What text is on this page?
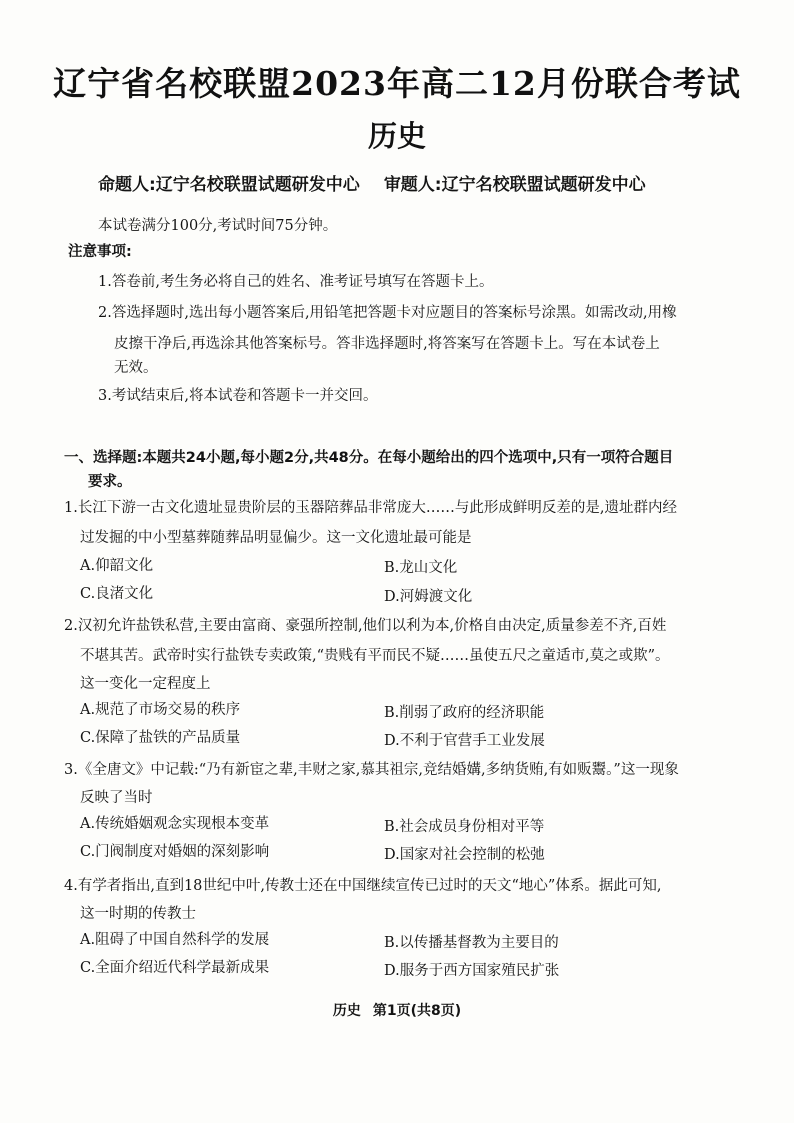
辽宁省名校联盟2023年高二12月份联合考试
历史
命题人:辽宁名校联盟试题研发中心 审题人:辽宁名校联盟试题研发中心
本试卷满分100分,考试时间75分钟。
注意事项:
1.答卷前,考生务必将自己的姓名、准考证号填写在答题卡上。
2.答选择题时,选出每小题答案后,用铅笔把答题卡对应题目的答案标号涂黑。如需改动,用橡
皮擦干净后,再选涂其他答案标号。答非选择题时,将答案写在答题卡上。写在本试卷上
无效。
3.考试结束后,将本试卷和答题卡一并交回。
一、选择题:本题共24小题,每小题2分,共48分。在每小题给出的四个选项中,只有一项符合题目
要求。
1.长江下游一古文化遗址显贵阶层的玉器陪葬品非常庞大……与此形成鲜明反差的是,遗址群内经
过发掘的中小型墓葬随葬品明显偏少。这一文化遗址最可能是
A.仰韶文化	B.龙山文化
C.良渚文化	D.河姆渡文化
2.汉初允许盐铁私营,主要由富商、豪强所控制,他们以利为本,价格自由决定,质量参差不齐,百姓
不堪其苦。武帝时实行盐铁专卖政策,“贵贱有平而民不疑……虽使五尺之童适市,莫之或欺”。
这一变化一定程度上
A.规范了市场交易的秩序	B.削弱了政府的经济职能
C.保障了盐铁的产品质量	D.不利于官营手工业发展
3.《全唐文》中记载:“乃有新宦之辈,丰财之家,慕其祖宗,竞结婚媾,多纳货贿,有如贩鬻。”这一现象
反映了当时
A.传统婚姻观念实现根本变革	B.社会成员身份相对平等
C.门阀制度对婚姻的深刻影响	D.国家对社会控制的松弛
4.有学者指出,直到18世纪中叶,传教士还在中国继续宣传已过时的天文“地心”体系。据此可知,
这一时期的传教士
A.阻碍了中国自然科学的发展	B.以传播基督教为主要目的
C.全面介绍近代科学最新成果	D.服务于西方国家殖民扩张
历史 第1页(共8页)
